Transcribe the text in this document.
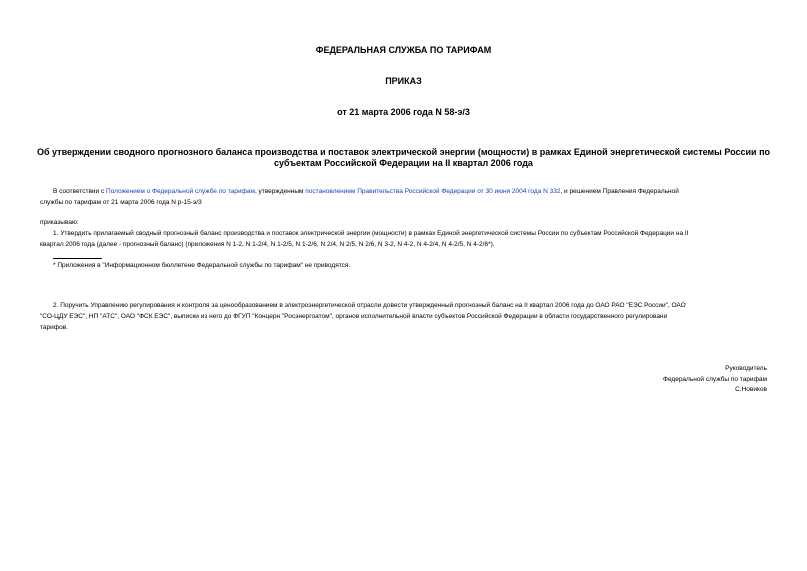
ФЕДЕРАЛЬНАЯ СЛУЖБА ПО ТАРИФАМ
ПРИКАЗ
от 21 марта 2006 года N 58-э/3
Об утверждении сводного прогнозного баланса производства и поставок электрической энергии (мощности) в рамках Единой энергетической системы России по
субъектам Российской Федерации на II квартал 2006 года
В соответствии с Положением о Федеральной службе по тарифам, утвержденным постановлением Правительства Российской Федерации от 30 июня 2004 года N 332, и решением Правления Федеральной
службы по тарифам от 21 марта 2006 года N р-15-э/3
приказываю:
1. Утвердить прилагаемый сводный прогнозный баланс производства и поставок электрической энергии (мощности) в рамках Единой энергетической системы России по субъектам Российской Федерации на II
квартал 2006 года (далее - прогнозный баланс) (приложения N 1-2, N 1-2/4, N 1-2/5, N 1-2/6, N 2/4, N 2/5, N 2/6, N 3-2, N 4-2, N 4-2/4, N 4-2/5, N 4-2/6*).
* Приложения в "Информационном бюллетене Федеральной службы по тарифам" не приводятся.
2. Поручить Управлению регулирования и контроля за ценообразованием в электроэнергетической отрасли довести утвержденный прогнозный баланс на II квартал 2006 года до ОАО РАО "ЕЭС России", ОАО
"СО-ЦДУ ЕЭС", НП "АТС", ОАО "ФСК ЕЭС", выписки из него до ФГУП "Концерн "Росэнергоатом", органов исполнительной власти субъектов Российской Федерации в области государственного регулировани
тарифов.
Руководитель
Федеральной службы по тарифам
С.Новиков
